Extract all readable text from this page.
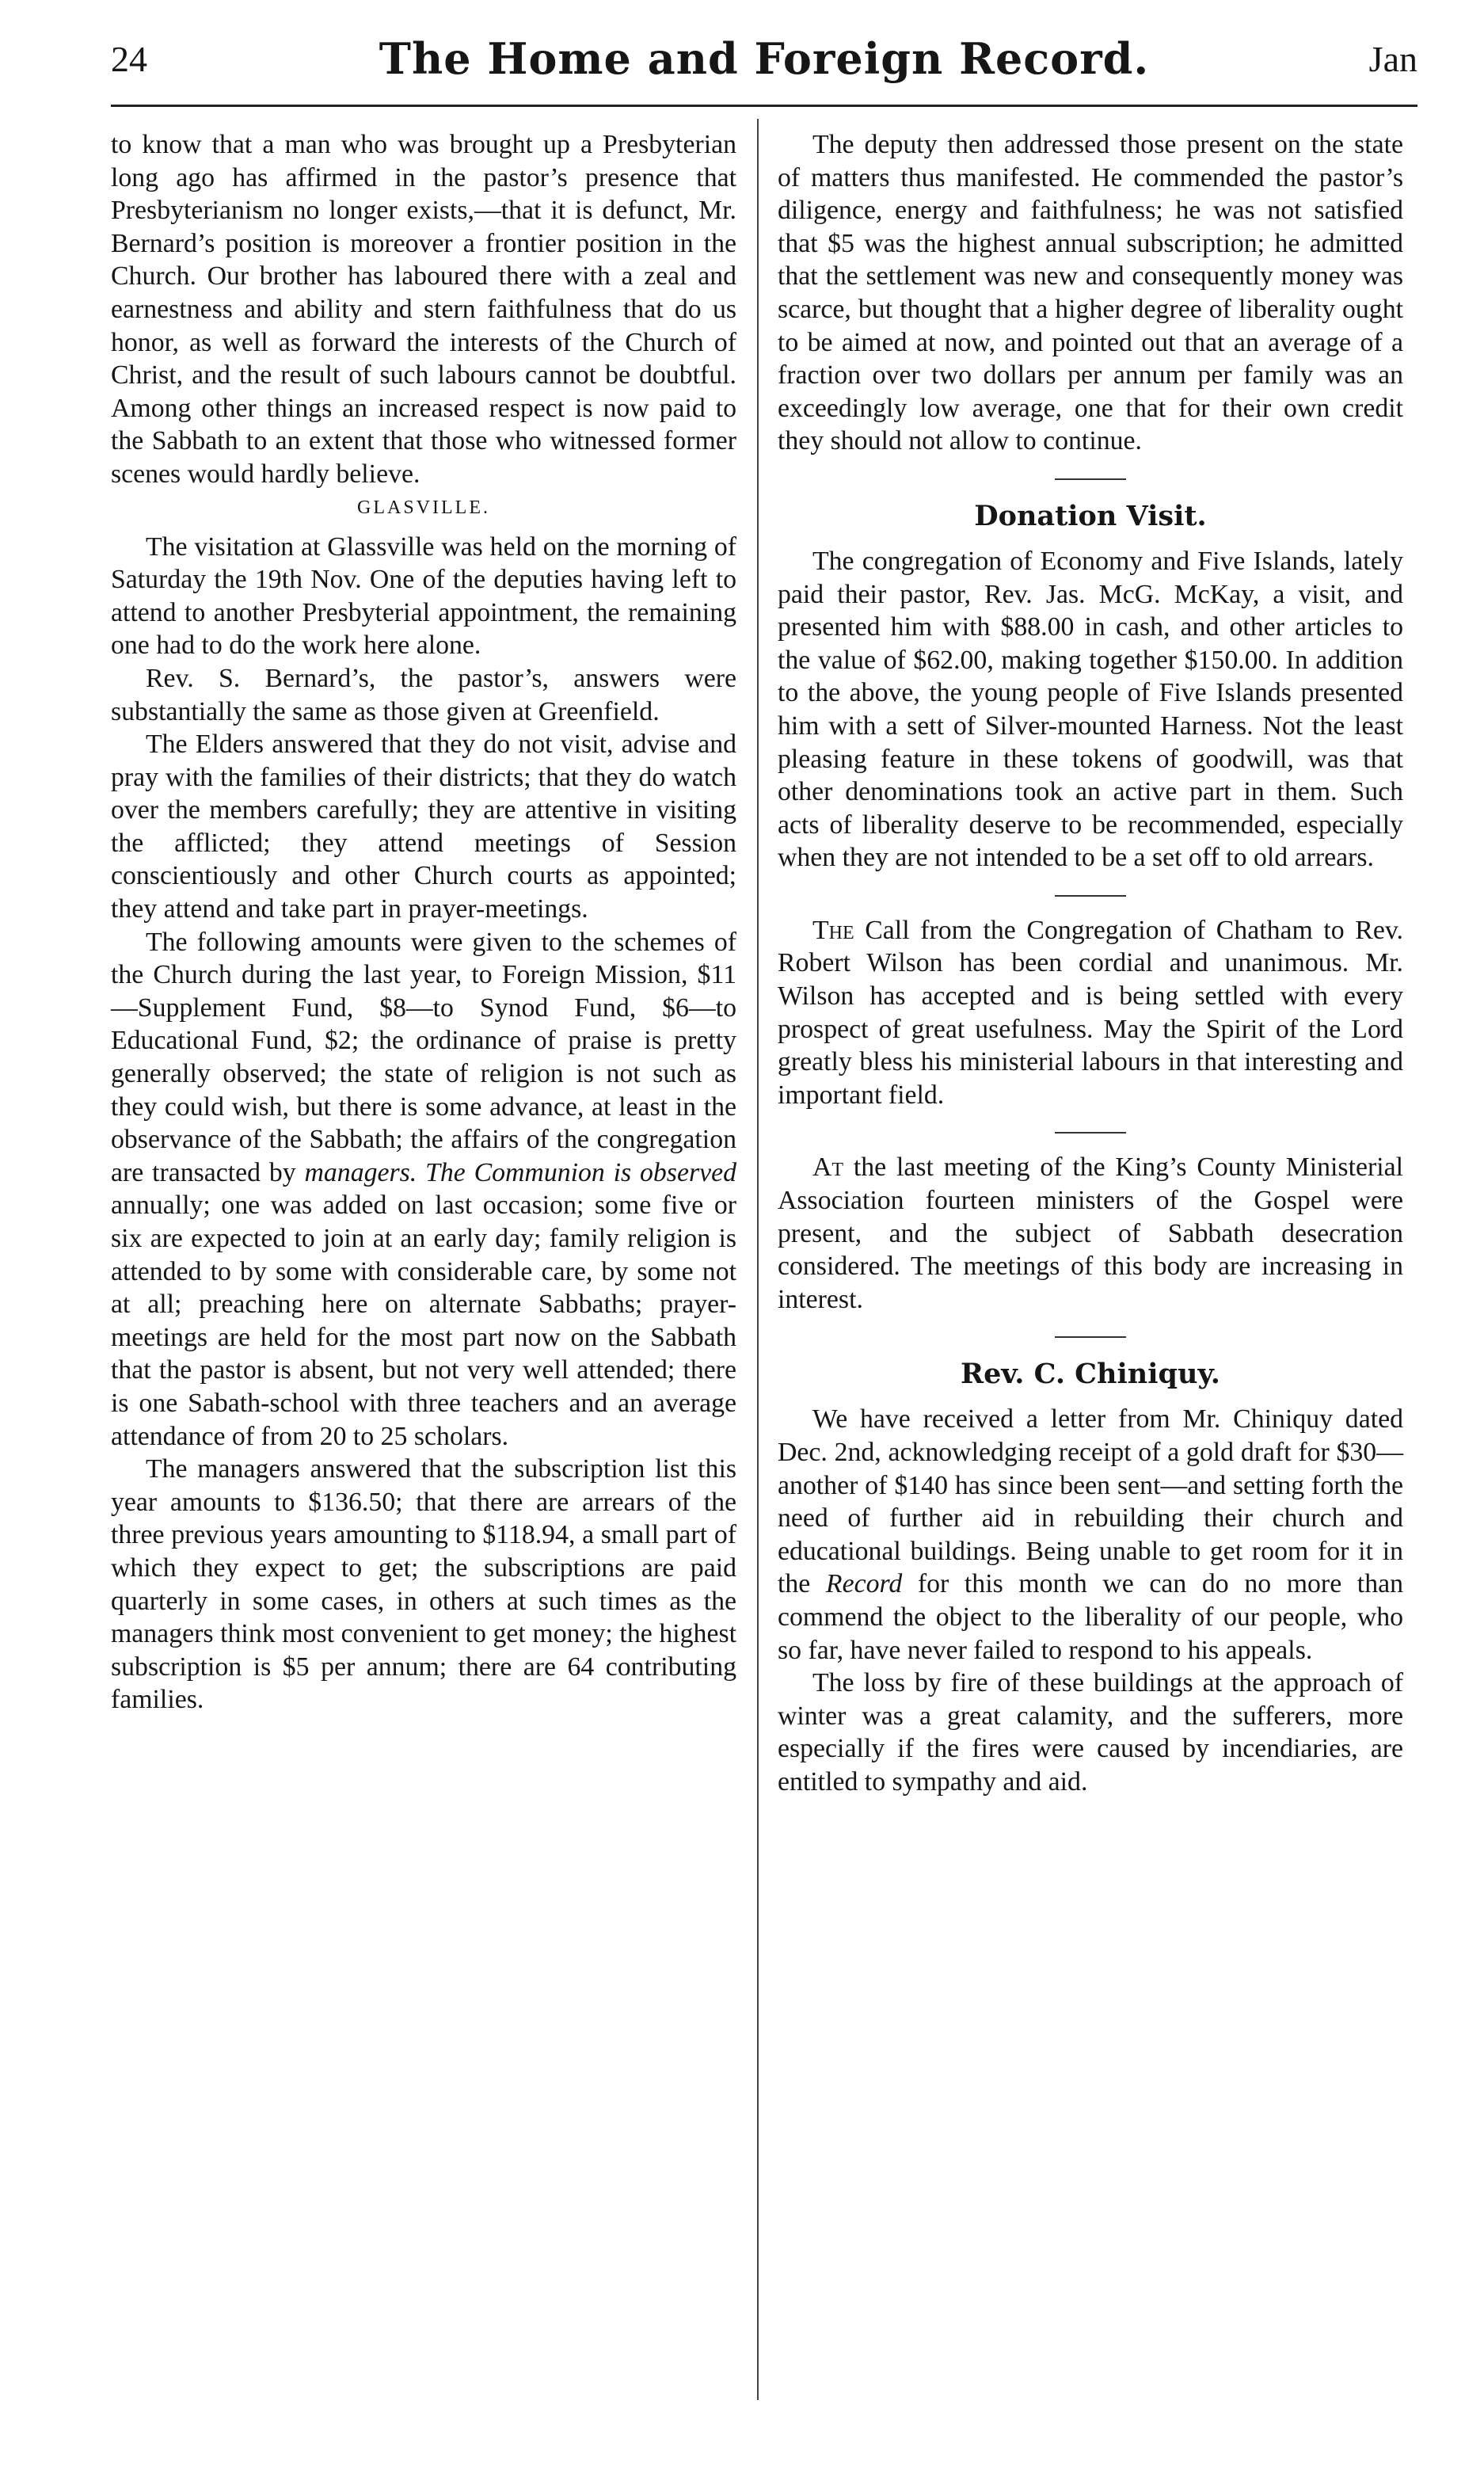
24	The Home and Foreign Record.	Jan

to know that a man who was brought up a Presbyterian long ago has affirmed in the pastor’s presence that Presbyterianism no longer exists,—that it is defunct, Mr. Bernard’s position is moreover a frontier position in the Church. Our brother has laboured there with a zeal and earnestness and ability and stern faithfulness that do us honor, as well as forward the interests of the Church of Christ, and the result of such labours cannot be doubtful. Among other things an increased respect is now paid to the Sabbath to an extent that those who witnessed former scenes would hardly believe.

GLASVILLE.

The visitation at Glassville was held on the morning of Saturday the 19th Nov. One of the deputies having left to attend to another Presbyterial appointment, the remaining one had to do the work here alone.

Rev. S. Bernard’s, the pastor’s, answers were substantially the same as those given at Greenfield.

The Elders answered that they do not visit, advise and pray with the families of their districts; that they do watch over the members carefully; they are attentive in visiting the afflicted; they attend meetings of Session conscientiously and other Church courts as appointed; they attend and take part in prayer-meetings.

The following amounts were given to the schemes of the Church during the last year, to Foreign Mission, $11—Supplement Fund, $8—to Synod Fund, $6—to Educational Fund, $2; the ordinance of praise is pretty generally observed; the state of religion is not such as they could wish, but there is some advance, at least in the observance of the Sabbath; the affairs of the congregation are transacted by managers. The Communion is observed annually; one was added on last occasion; some five or six are expected to join at an early day; family religion is attended to by some with considerable care, by some not at all; preaching here on alternate Sabbaths; prayer-meetings are held for the most part now on the Sabbath that the pastor is absent, but not very well attended; there is one Sabath-school with three teachers and an average attendance of from 20 to 25 scholars.

The managers answered that the subscription list this year amounts to $136.50; that there are arrears of the three previous years amounting to $118.94, a small part of which they expect to get; the subscriptions are paid quarterly in some cases, in others at such times as the managers think most convenient to get money; the highest subscription is $5 per annum; there are 64 contributing families.

The deputy then addressed those present on the state of matters thus manifested. He commended the pastor’s diligence, energy and faithfulness; he was not satisfied that $5 was the highest annual subscription; he admitted that the settlement was new and consequently money was scarce, but thought that a higher degree of liberality ought to be aimed at now, and pointed out that an average of a fraction over two dollars per annum per family was an exceedingly low average, one that for their own credit they should not allow to continue.

Donation Visit.

The congregation of Economy and Five Islands, lately paid their pastor, Rev. Jas. McG. McKay, a visit, and presented him with $88.00 in cash, and other articles to the value of $62.00, making together $150.00. In addition to the above, the young people of Five Islands presented him with a sett of Silver-mounted Harness. Not the least pleasing feature in these tokens of goodwill, was that other denominations took an active part in them. Such acts of liberality deserve to be recommended, especially when they are not intended to be a set off to old arrears.

The Call from the Congregation of Chatham to Rev. Robert Wilson has been cordial and unanimous. Mr. Wilson has accepted and is being settled with every prospect of great usefulness. May the Spirit of the Lord greatly bless his ministerial labours in that interesting and important field.

At the last meeting of the King’s County Ministerial Association fourteen ministers of the Gospel were present, and the subject of Sabbath desecration considered. The meetings of this body are increasing in interest.

Rev. C. Chiniquy.

We have received a letter from Mr. Chiniquy dated Dec. 2nd, acknowledging receipt of a gold draft for $30—another of $140 has since been sent—and setting forth the need of further aid in rebuilding their church and educational buildings. Being unable to get room for it in the Record for this month we can do no more than commend the object to the liberality of our people, who so far, have never failed to respond to his appeals.

The loss by fire of these buildings at the approach of winter was a great calamity, and the sufferers, more especially if the fires were caused by incendiaries, are entitled to sympathy and aid.
